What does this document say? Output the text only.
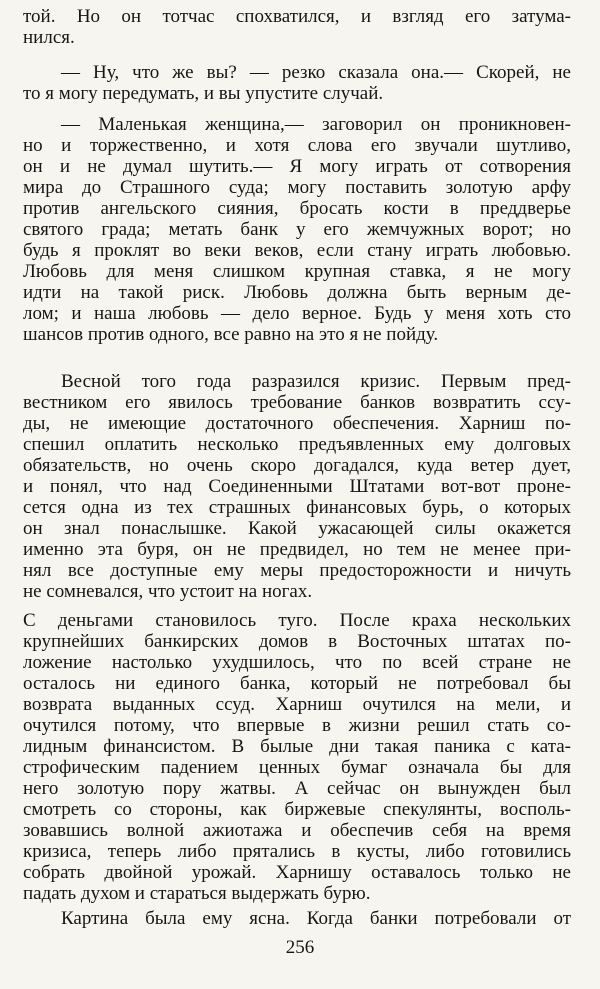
той. Но он тотчас спохватился, и взгляд его затума-
нился.
— Ну, что же вы? — резко сказала она.— Скорей, не
то я могу передумать, и вы упустите случай.
— Маленькая женщина,— заговорил он проникновен-
но и торжественно, и хотя слова его звучали шутливо,
он и не думал шутить.— Я могу играть от сотворения
мира до Страшного суда; могу поставить золотую арфу
против ангельского сияния, бросать кости в преддверье
святого града; метать банк у его жемчужных ворот; но
будь я проклят во веки веков, если стану играть любовью.
Любовь для меня слишком крупная ставка, я не могу
идти на такой риск. Любовь должна быть верным де-
лом; и наша любовь — дело верное. Будь у меня хоть сто
шансов против одного, все равно на это я не пойду.
Весной того года разразился кризис. Первым пред-
вестником его явилось требование банков возвратить ссу-
ды, не имеющие достаточного обеспечения. Харниш по-
спешил оплатить несколько предъявленных ему долговых
обязательств, но очень скоро догадался, куда ветер дует,
и понял, что над Соединенными Штатами вот-вот проне-
сется одна из тех страшных финансовых бурь, о которых
он знал понаслышке. Какой ужасающей силы окажется
именно эта буря, он не предвидел, но тем не менее при-
нял все доступные ему меры предосторожности и ничуть
не сомневался, что устоит на ногах.
С деньгами становилось туго. После краха нескольких
крупнейших банкирских домов в Восточных штатах по-
ложение настолько ухудшилось, что по всей стране не
осталось ни единого банка, который не потребовал бы
возврата выданных ссуд. Харниш очутился на мели, и
очутился потому, что впервые в жизни решил стать со-
лидным финансистом. В былые дни такая паника с ката-
строфическим падением ценных бумаг означала бы для
него золотую пору жатвы. А сейчас он вынужден был
смотреть со стороны, как биржевые спекулянты, восполь-
зовавшись волной ажиотажа и обеспечив себя на время
кризиса, теперь либо прятались в кусты, либо готовились
собрать двойной урожай. Харнишу оставалось только не
падать духом и стараться выдержать бурю.
Картина была ему ясна. Когда банки потребовали от
256
